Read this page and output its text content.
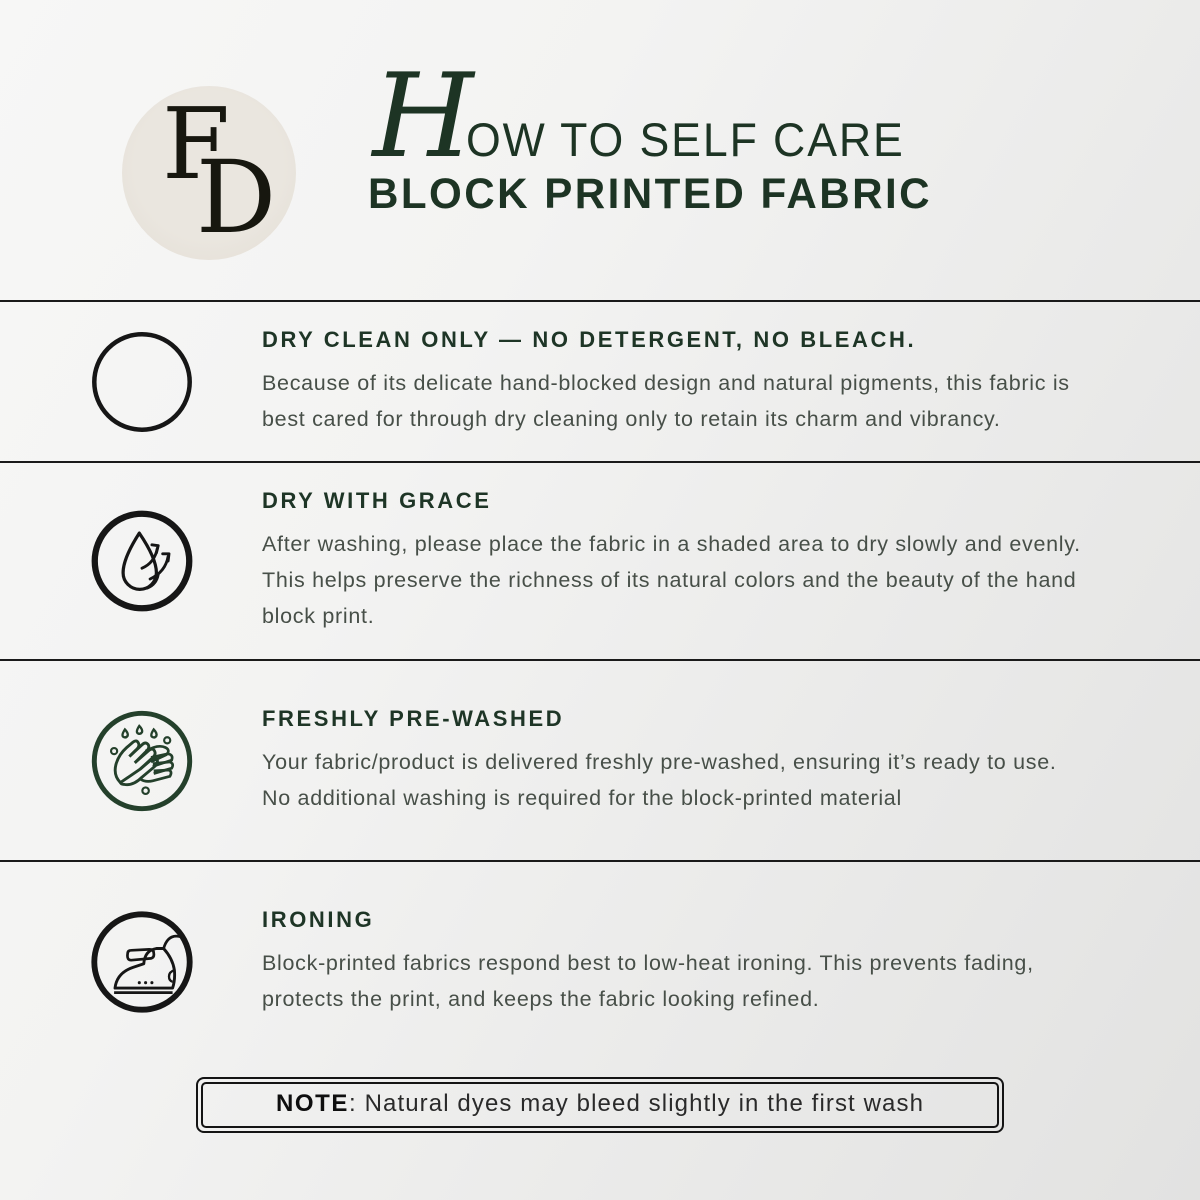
F
D
H
OW TO SELF CARE
BLOCK PRINTED FABRIC
DRY CLEAN ONLY — NO DETERGENT, NO BLEACH.
Because of its delicate hand-blocked design and natural pigments, this fabric is best cared for through dry cleaning only to retain its charm and vibrancy.
DRY WITH GRACE
After washing, please place the fabric in a shaded area to dry slowly and evenly. This helps preserve the richness of its natural colors and the beauty of the hand block print.
FRESHLY PRE-WASHED
Your fabric/product is delivered freshly pre-washed, ensuring it’s ready to use. No additional washing is required for the block-printed material
IRONING
Block-printed fabrics respond best to low-heat ironing. This prevents fading, protects the print, and keeps the fabric looking refined.
NOTE: Natural dyes may bleed slightly in the first wash
